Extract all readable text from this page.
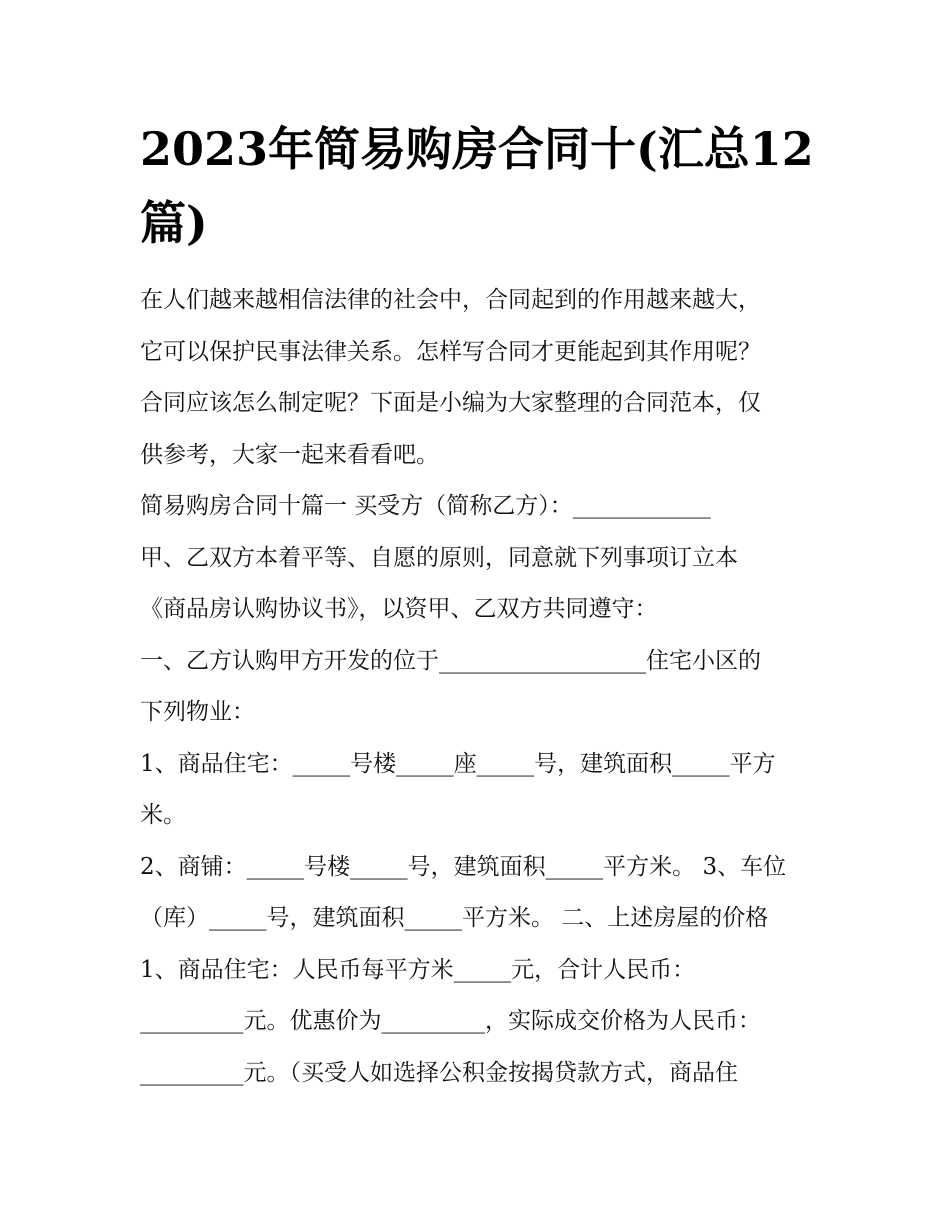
2023年简易购房合同十(汇总12篇)
在人们越来越相信法律的社会中，合同起到的作用越来越大，
它可以保护民事法律关系。怎样写合同才更能起到其作用呢？
合同应该怎么制定呢？下面是小编为大家整理的合同范本，仅
供参考，大家一起来看看吧。
简易购房合同十篇一 买受方（简称乙方）：____________
甲、乙双方本着平等、自愿的原则，同意就下列事项订立本
《商品房认购协议书》，以资甲、乙双方共同遵守：
一、乙方认购甲方开发的位于__________________住宅小区的
下列物业：
1、商品住宅：_____号楼_____座_____号，建筑面积_____平方
米。
2、商铺：_____号楼_____号，建筑面积_____平方米。 3、车位
（库）_____号，建筑面积_____平方米。 二、上述房屋的价格
1、商品住宅：人民币每平方米_____元，合计人民币：
_________元。优惠价为_________，实际成交价格为人民币：
_________元。（买受人如选择公积金按揭贷款方式，商品住
